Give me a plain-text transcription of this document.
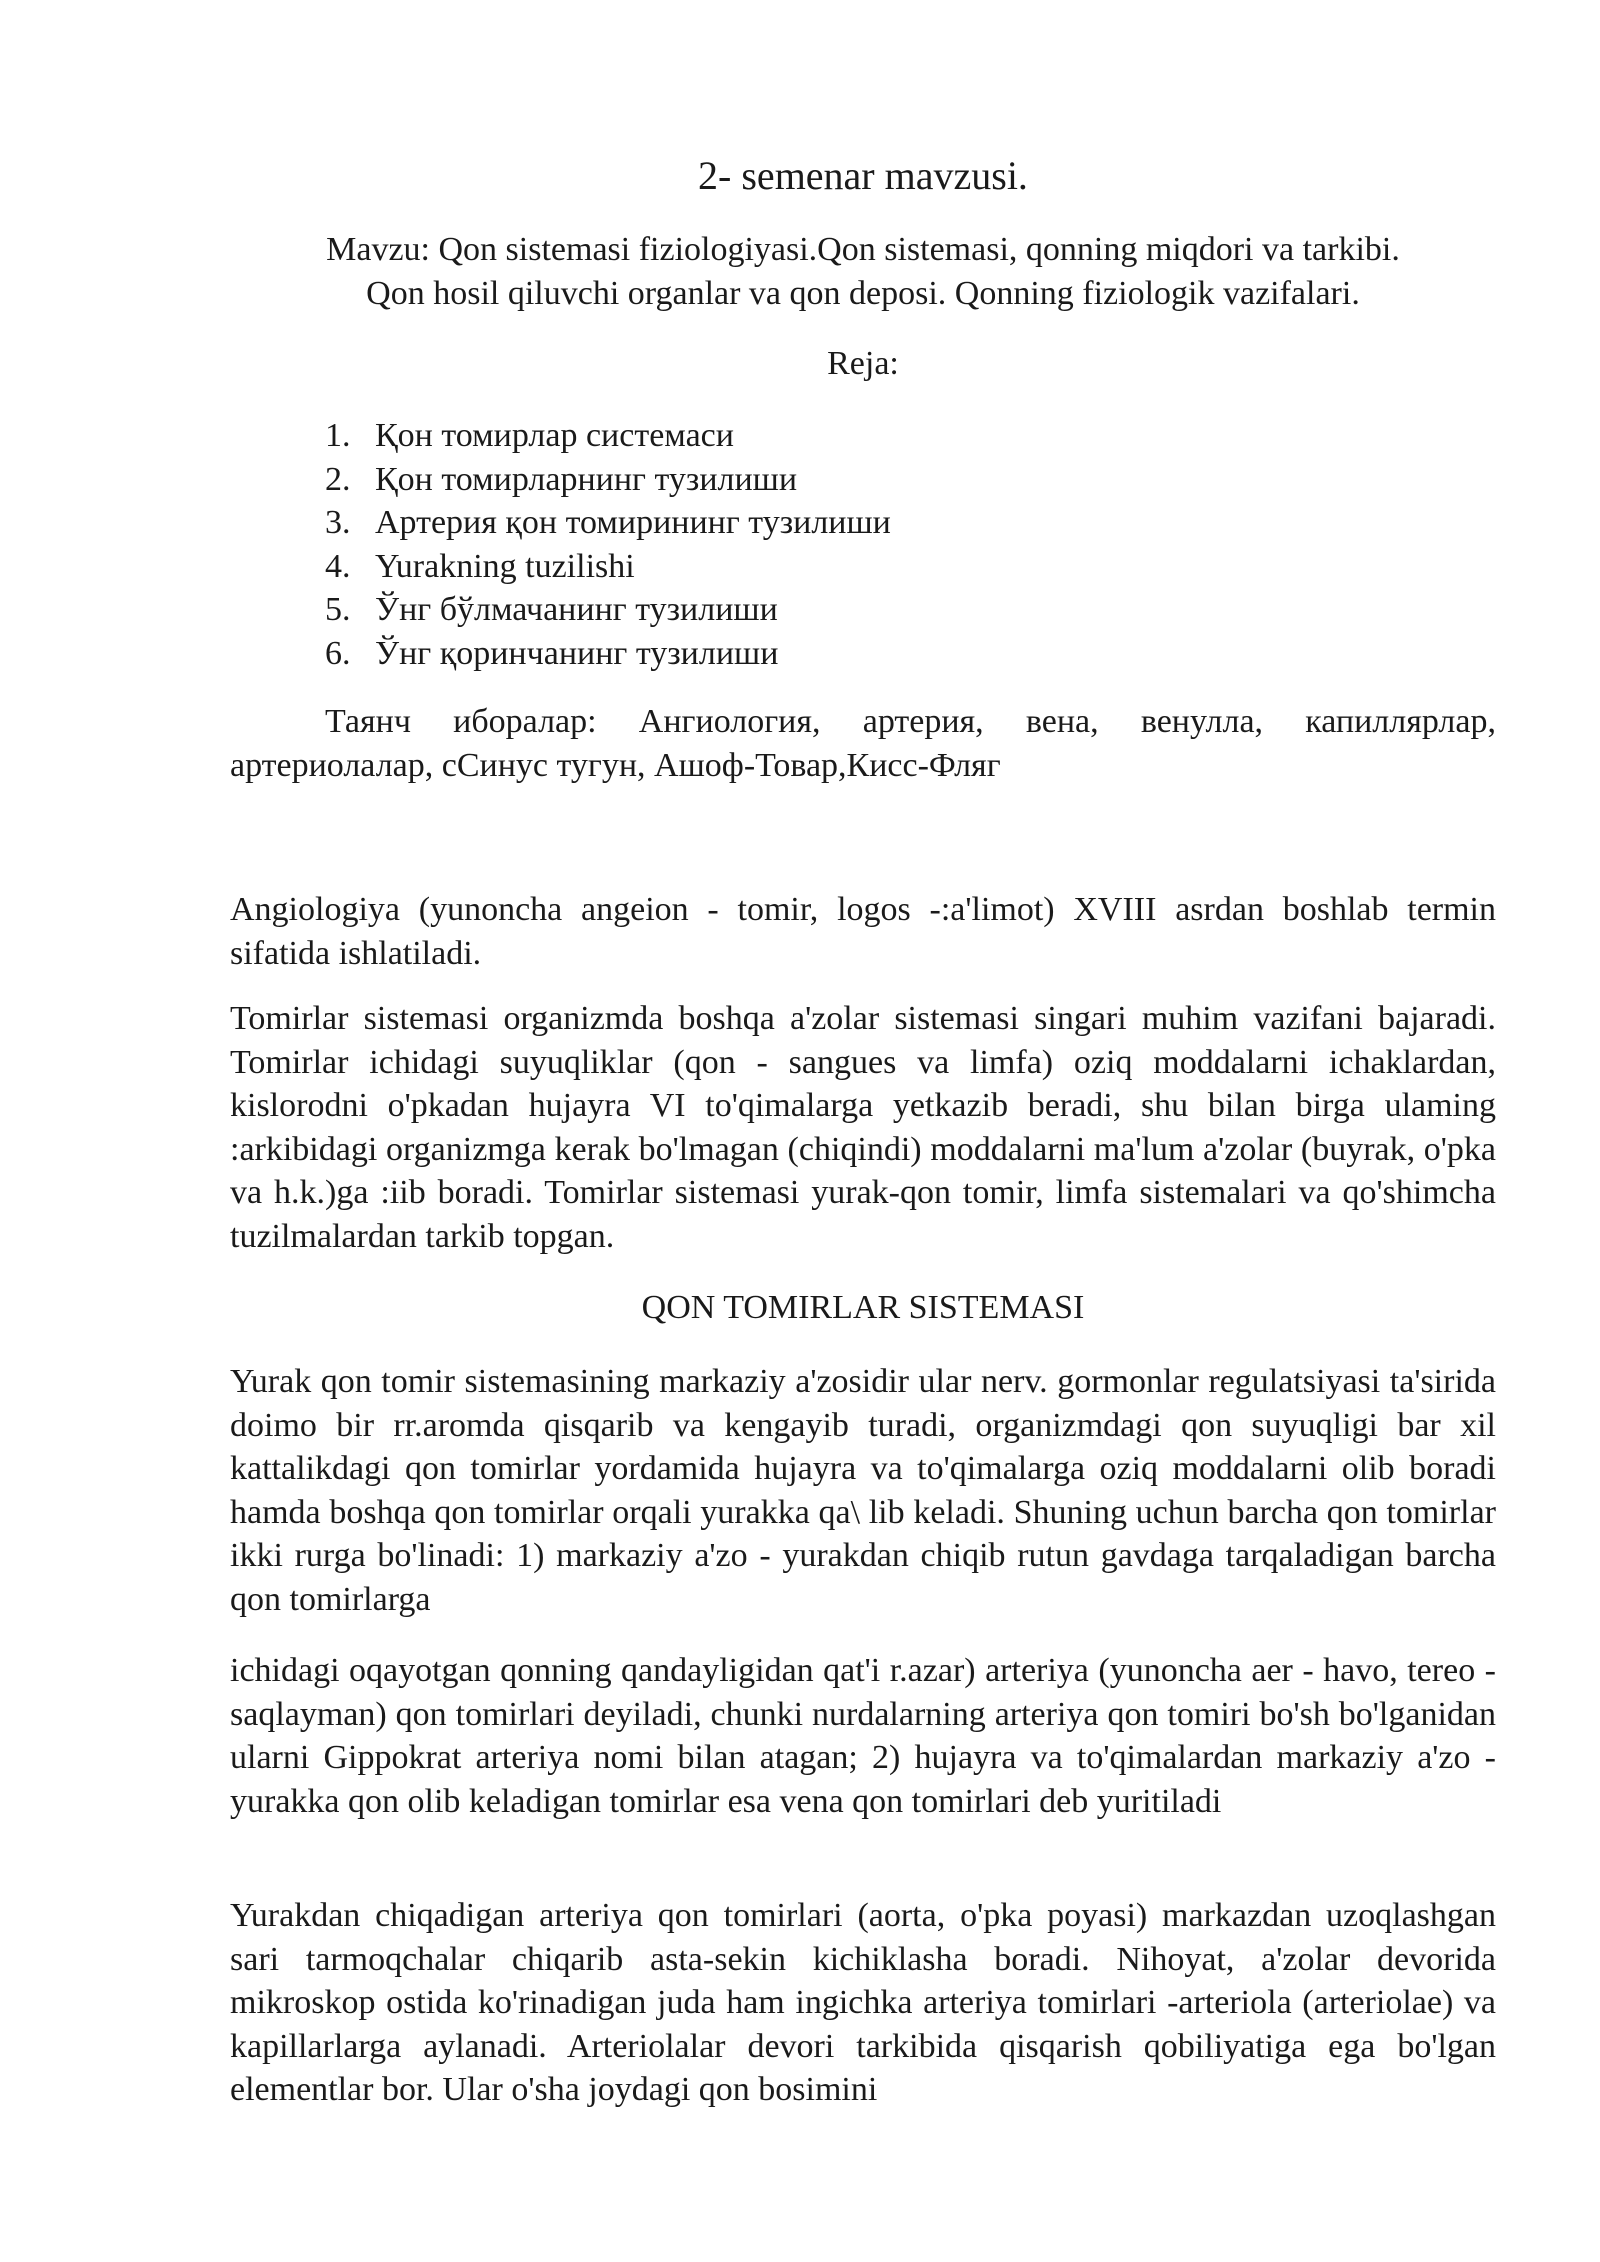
2- semenar mavzusi.
Mavzu: Qon sistemasi fiziologiyasi.Qon sistemasi, qonning miqdori va tarkibi.
Qon hosil qiluvchi organlar va qon deposi. Qonning fiziologik vazifalari.
Reja:
1. Қон томирлар системаси
2. Қон томирларнинг тузилиши
3. Артерия қон томирининг тузилиши
4. Yurakning tuzilishi
5. Ўнг бўлмачанинг тузилиши
6. Ўнг қоринчанинг тузилиши

Таянч иборалар: Ангиология, артерия, вена, венулла, капиллярлар, артериолалар, сСинус тугун, Ашоф-Товар,Кисс-Фляг

Angiologiya (yunoncha angeion - tomir, logos -:a'limot) XVIII asrdan boshlab termin sifatida ishlatiladi.

Tomirlar sistemasi organizmda boshqa a'zolar sistemasi singari muhim vazifani bajaradi. Tomirlar ichidagi suyuqliklar (qon - sangues va limfa) oziq moddalarni ichaklardan, kislorodni o'pkadan hujayra VI to'qimalarga yetkazib beradi, shu bilan birga ulaming :arkibidagi organizmga kerak bo'lmagan (chiqindi) moddalarni ma'lum a'zolar (buyrak, o'pka va h.k.)ga :iib boradi. Tomirlar sistemasi yurak-qon tomir, limfa sistemalari va qo'shimcha tuzilmalardan tarkib topgan.

QON TOMIRLAR SISTEMASI

Yurak qon tomir sistemasining markaziy a'zosidir ular nerv. gormonlar regulatsiyasi ta'sirida doimo bir rr.aromda qisqarib va kengayib turadi, organizmdagi qon suyuqligi bar xil kattalikdagi qon tomirlar yordamida hujayra va to'qimalarga oziq moddalarni olib boradi hamda boshqa qon tomirlar orqali yurakka qa\ lib keladi. Shuning uchun barcha qon tomirlar ikki rurga bo'linadi: 1) markaziy a'zo - yurakdan chiqib rutun gavdaga tarqaladigan barcha qon tomirlarga

ichidagi oqayotgan qonning qandayligidan qat'i r.azar) arteriya (yunoncha aer - havo, tereo -saqlayman) qon tomirlari deyiladi, chunki nurdalarning arteriya qon tomiri bo'sh bo'lganidan ularni Gippokrat arteriya nomi bilan atagan; 2) hujayra va to'qimalardan markaziy a'zo - yurakka qon olib keladigan tomirlar esa vena qon tomirlari deb yuritiladi

Yurakdan chiqadigan arteriya qon tomirlari (aorta, o'pka poyasi) markazdan uzoqlashgan sari tarmoqchalar chiqarib asta-sekin kichiklasha boradi. Nihoyat, a'zolar devorida mikroskop ostida ko'rinadigan juda ham ingichka arteriya tomirlari -arteriola (arteriolae) va kapillarlarga aylanadi. Arteriolalar devori tarkibida qisqarish qobiliyatiga ega bo'lgan elementlar bor. Ular o'sha joydagi qon bosimini
